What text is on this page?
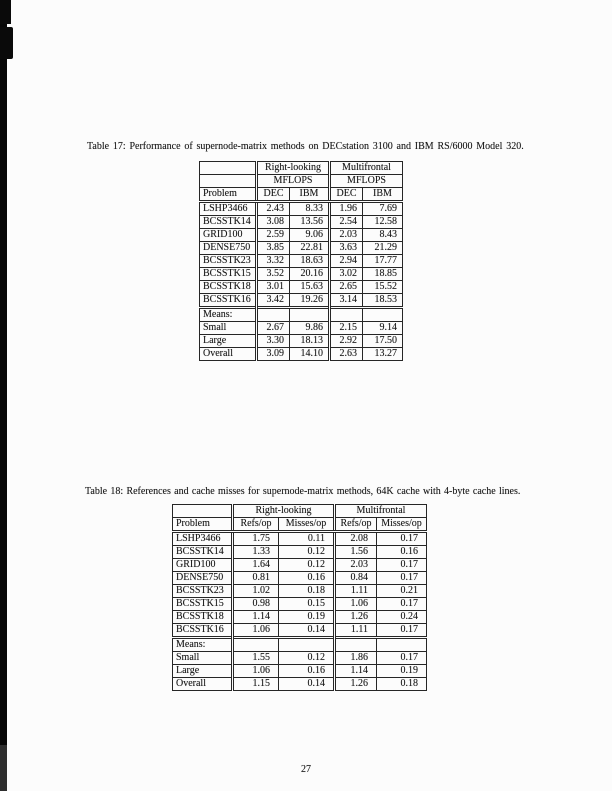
Table 17: Performance of supernode-matrix methods on DECstation 3100 and IBM RS/6000 Model 320.
	Right-looking		Multifrontal	
	MFLOPS		MFLOPS	
Problem	DEC	IBM	DEC	IBM
LSHP3466	2.43	8.33	1.96	7.69
BCSSTK14	3.08	13.56	2.54	12.58
GRID100	2.59	9.06	2.03	8.43
DENSE750	3.85	22.81	3.63	21.29
BCSSTK23	3.32	18.63	2.94	17.77
BCSSTK15	3.52	20.16	3.02	18.85
BCSSTK18	3.01	15.63	2.65	15.52
BCSSTK16	3.42	19.26	3.14	18.53
Means:				
Small	2.67	9.86	2.15	9.14
Large	3.30	18.13	2.92	17.50
Overall	3.09	14.10	2.63	13.27
Table 18: References and cache misses for supernode-matrix methods, 64K cache with 4-byte cache lines.
	Right-looking		Multifrontal	
Problem	Refs/op	Misses/op	Refs/op	Misses/op
LSHP3466	1.75	0.11	2.08	0.17
BCSSTK14	1.33	0.12	1.56	0.16
GRID100	1.64	0.12	2.03	0.17
DENSE750	0.81	0.16	0.84	0.17
BCSSTK23	1.02	0.18	1.11	0.21
BCSSTK15	0.98	0.15	1.06	0.17
BCSSTK18	1.14	0.19	1.26	0.24
BCSSTK16	1.06	0.14	1.11	0.17
Means:				
Small	1.55	0.12	1.86	0.17
Large	1.06	0.16	1.14	0.19
Overall	1.15	0.14	1.26	0.18
27
